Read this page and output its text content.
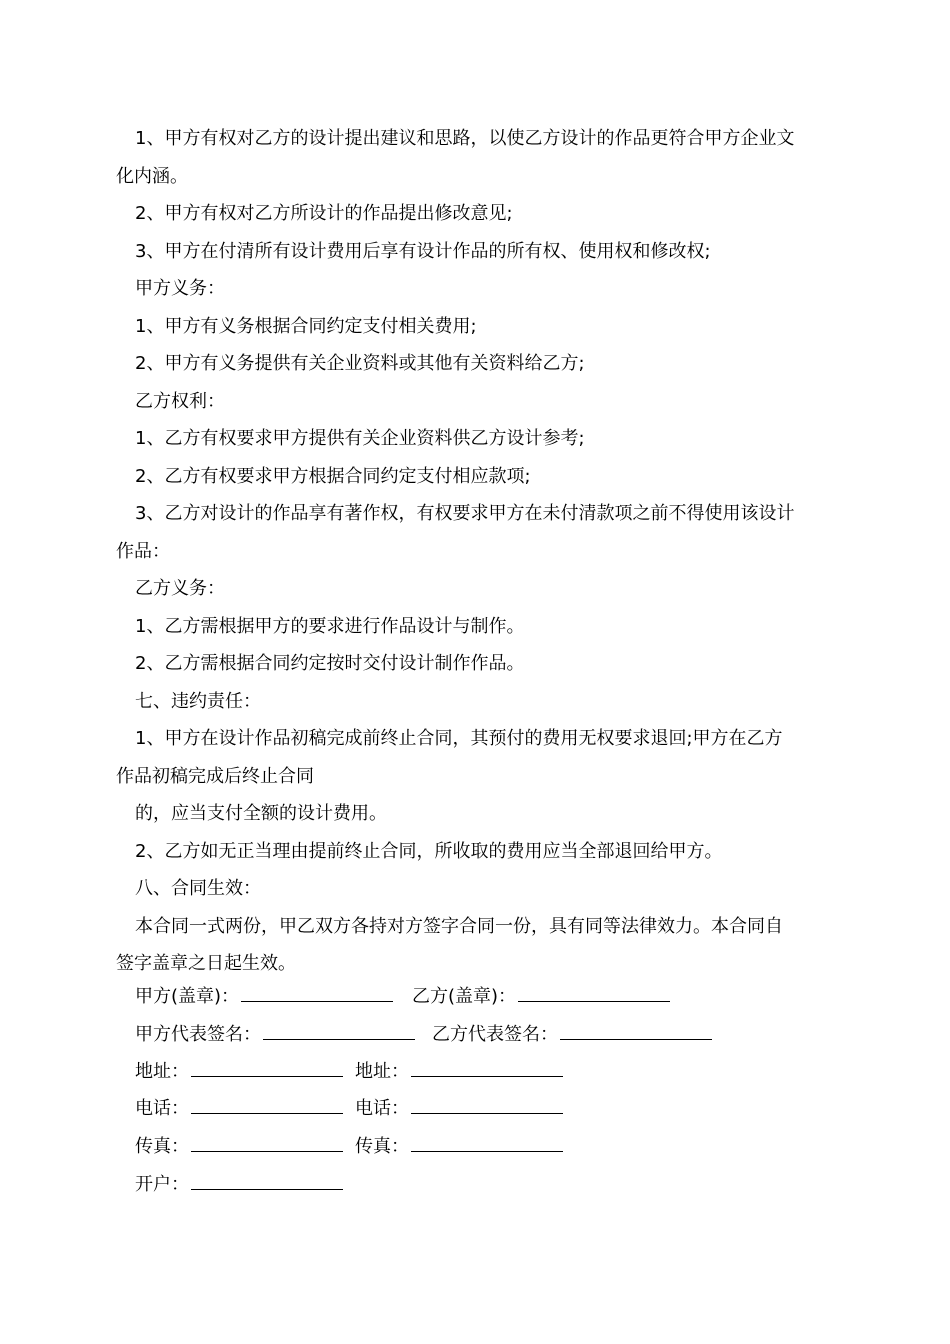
1、甲方有权对乙方的设计提出建议和思路，以使乙方设计的作品更符合甲方企业文
化内涵。
2、甲方有权对乙方所设计的作品提出修改意见;
3、甲方在付清所有设计费用后享有设计作品的所有权、使用权和修改权;
甲方义务：
1、甲方有义务根据合同约定支付相关费用;
2、甲方有义务提供有关企业资料或其他有关资料给乙方;
乙方权利：
1、乙方有权要求甲方提供有关企业资料供乙方设计参考;
2、乙方有权要求甲方根据合同约定支付相应款项;
3、乙方对设计的作品享有著作权，有权要求甲方在未付清款项之前不得使用该设计
作品：
乙方义务：
1、乙方需根据甲方的要求进行作品设计与制作。
2、乙方需根据合同约定按时交付设计制作作品。
七、违约责任：
1、甲方在设计作品初稿完成前终止合同，其预付的费用无权要求退回;甲方在乙方
作品初稿完成后终止合同
的，应当支付全额的设计费用。
2、乙方如无正当理由提前终止合同，所收取的费用应当全部退回给甲方。
八、合同生效：
本合同一式两份，甲乙双方各持对方签字合同一份，具有同等法律效力。本合同自
签字盖章之日起生效。
甲方(盖章)：	乙方(盖章)：
甲方代表签名：	乙方代表签名：
地址：	地址：
电话：	电话：
传真：	传真：
开户：
